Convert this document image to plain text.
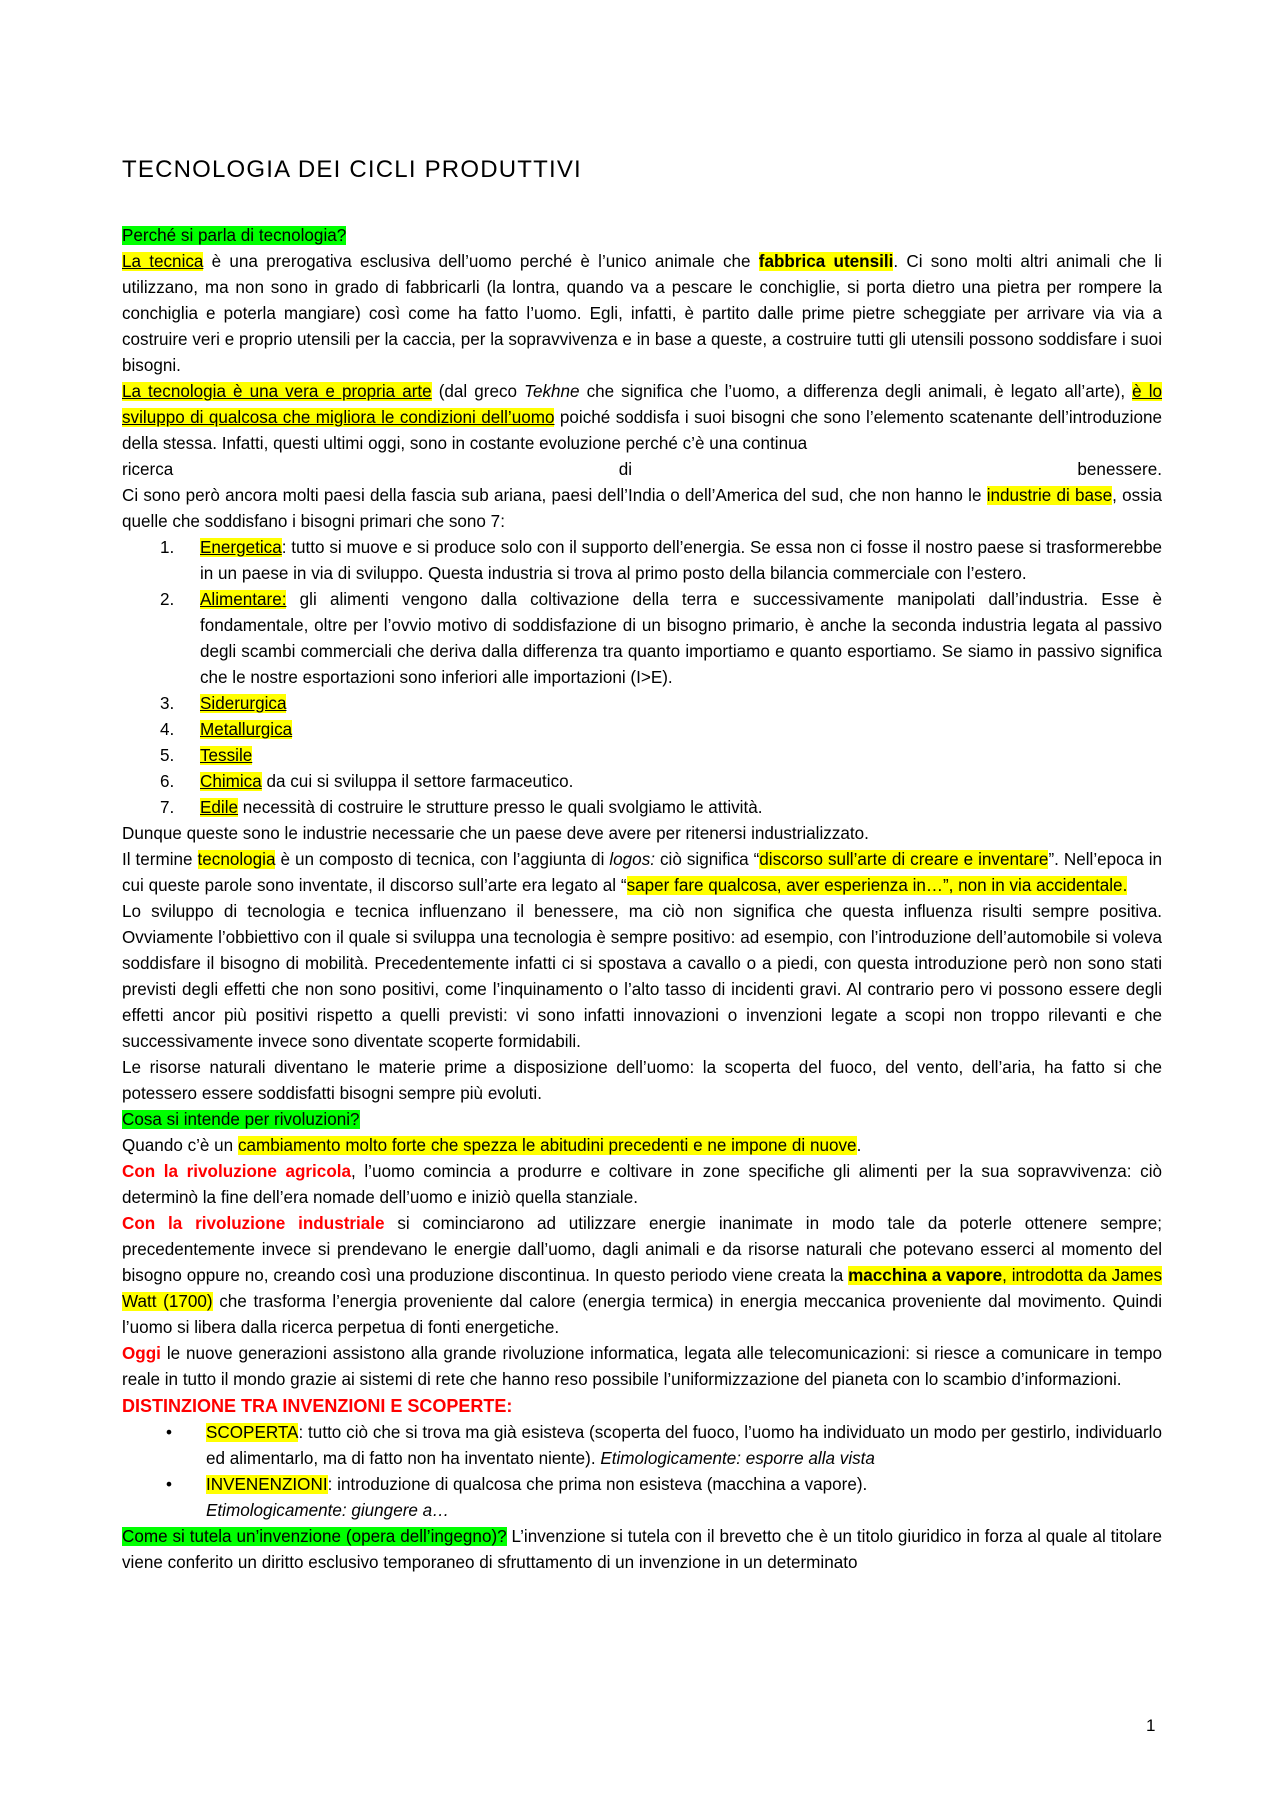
TECNOLOGIA DEI CICLI PRODUTTIVI

Perché si parla di tecnologia?

La tecnica è una prerogativa esclusiva dell’uomo perché è l’unico animale che fabbrica utensili. Ci sono molti altri animali che li utilizzano, ma non sono in grado di fabbricarli (la lontra, quando va a pescare le conchiglie, si porta dietro una pietra per rompere la conchiglia e poterla mangiare) così come ha fatto l’uomo. Egli, infatti, è partito dalle prime pietre scheggiate per arrivare via via a costruire veri e proprio utensili per la caccia, per la sopravvivenza e in base a queste, a costruire tutti gli utensili possono soddisfare i suoi bisogni.

La tecnologia è una vera e propria arte (dal greco Tekhne che significa che l’uomo, a differenza degli animali, è legato all’arte), è lo sviluppo di qualcosa che migliora le condizioni dell’uomo poiché soddisfa i suoi bisogni che sono l’elemento scatenante dell’introduzione della stessa. Infatti, questi ultimi oggi, sono in costante evoluzione perché c’è una continua

ricerca	di	benessere.

Ci sono però ancora molti paesi della fascia sub ariana, paesi dell’India o dell’America del sud, che non hanno le industrie di base, ossia quelle che soddisfano i bisogni primari che sono 7:

1. Energetica: tutto si muove e si produce solo con il supporto dell’energia. Se essa non ci fosse il nostro paese si trasformerebbe in un paese in via di sviluppo. Questa industria si trova al primo posto della bilancia commerciale con l’estero.
2. Alimentare: gli alimenti vengono dalla coltivazione della terra e successivamente manipolati dall’industria. Esse è fondamentale, oltre per l’ovvio motivo di soddisfazione di un bisogno primario, è anche la seconda industria legata al passivo degli scambi commerciali che deriva dalla differenza tra quanto importiamo e quanto esportiamo. Se siamo in passivo significa che le nostre esportazioni sono inferiori alle importazioni (I>E).
3. Siderurgica
4. Metallurgica
5. Tessile
6. Chimica da cui si sviluppa il settore farmaceutico.
7. Edile necessità di costruire le strutture presso le quali svolgiamo le attività.

Dunque queste sono le industrie necessarie che un paese deve avere per ritenersi industrializzato.

Il termine tecnologia è un composto di tecnica, con l’aggiunta di logos: ciò significa “discorso sull’arte di creare e inventare”. Nell’epoca in cui queste parole sono inventate, il discorso sull’arte era legato al “saper fare qualcosa, aver esperienza in…”, non in via accidentale.

Lo sviluppo di tecnologia e tecnica influenzano il benessere, ma ciò non significa che questa influenza risulti sempre positiva. Ovviamente l’obbiettivo con il quale si sviluppa una tecnologia è sempre positivo: ad esempio, con l’introduzione dell’automobile si voleva soddisfare il bisogno di mobilità. Precedentemente infatti ci si spostava a cavallo o a piedi, con questa introduzione però non sono stati previsti degli effetti che non sono positivi, come l’inquinamento o l’alto tasso di incidenti gravi. Al contrario pero vi possono essere degli effetti ancor più positivi rispetto a quelli previsti: vi sono infatti innovazioni o invenzioni legate a scopi non troppo rilevanti e che successivamente invece sono diventate scoperte formidabili.

Le risorse naturali diventano le materie prime a disposizione dell’uomo: la scoperta del fuoco, del vento, dell’aria, ha fatto si che potessero essere soddisfatti bisogni sempre più evoluti.

Cosa si intende per rivoluzioni?

Quando c’è un cambiamento molto forte che spezza le abitudini precedenti e ne impone di nuove.

Con la rivoluzione agricola, l’uomo comincia a produrre e coltivare in zone specifiche gli alimenti per la sua sopravvivenza: ciò determinò la fine dell’era nomade dell’uomo e iniziò quella stanziale.

Con la rivoluzione industriale si cominciarono ad utilizzare energie inanimate in modo tale da poterle ottenere sempre; precedentemente invece si prendevano le energie dall’uomo, dagli animali e da risorse naturali che potevano esserci al momento del bisogno oppure no, creando così una produzione discontinua. In questo periodo viene creata la macchina a vapore, introdotta da James Watt (1700) che trasforma l’energia proveniente dal calore (energia termica) in energia meccanica proveniente dal movimento. Quindi l’uomo si libera dalla ricerca perpetua di fonti energetiche.

Oggi le nuove generazioni assistono alla grande rivoluzione informatica, legata alle telecomunicazioni: si riesce a comunicare in tempo reale in tutto il mondo grazie ai sistemi di rete che hanno reso possibile l’uniformizzazione del pianeta con lo scambio d’informazioni.

DISTINZIONE TRA INVENZIONI E SCOPERTE:

• SCOPERTA: tutto ciò che si trova ma già esisteva (scoperta del fuoco, l’uomo ha individuato un modo per gestirlo, individuarlo ed alimentarlo, ma di fatto non ha inventato niente). Etimologicamente: esporre alla vista
• INVENENZIONI: introduzione di qualcosa che prima non esisteva (macchina a vapore).
Etimologicamente: giungere a…

Come si tutela un’invenzione (opera dell’ingegno)? L’invenzione si tutela con il brevetto che è un titolo giuridico in forza al quale al titolare viene conferito un diritto esclusivo temporaneo di sfruttamento di un invenzione in un determinato

1
